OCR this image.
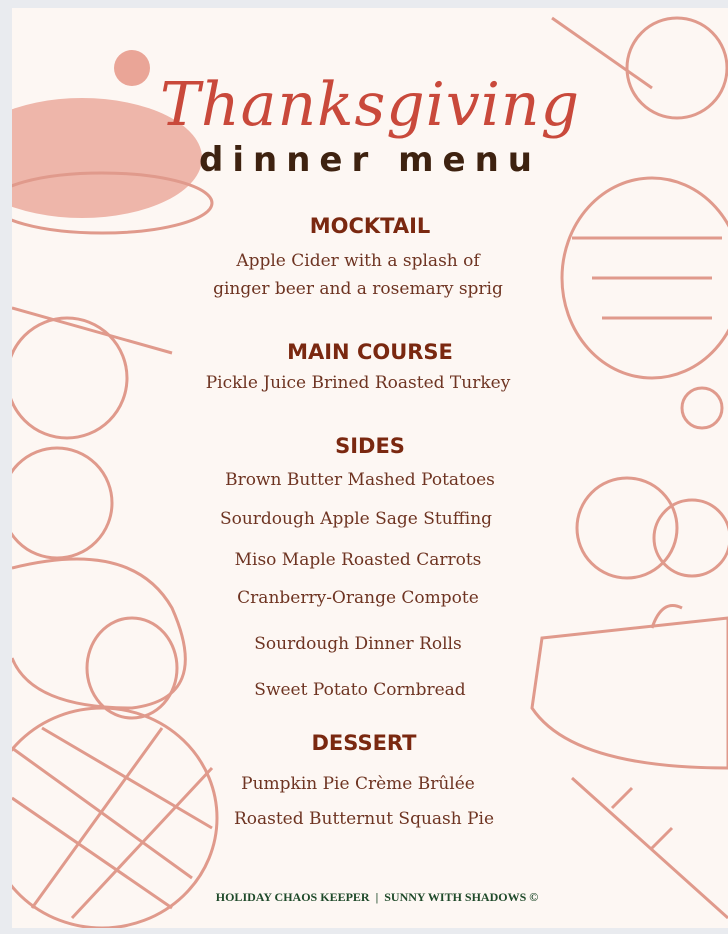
Thanksgiving
dinner menu
MOCKTAIL
Apple Cider with a splash of
ginger beer and a rosemary sprig
MAIN COURSE
Pickle Juice Brined Roasted Turkey
SIDES
Brown Butter Mashed Potatoes
Sourdough Apple Sage Stuffing
Miso Maple Roasted Carrots
Cranberry-Orange Compote
Sourdough Dinner Rolls
Sweet Potato Cornbread
DESSERT
Pumpkin Pie Crème Brûlée
Roasted Butternut Squash Pie
HOLIDAY CHAOS KEEPER | SUNNY WITH SHADOWS ©
